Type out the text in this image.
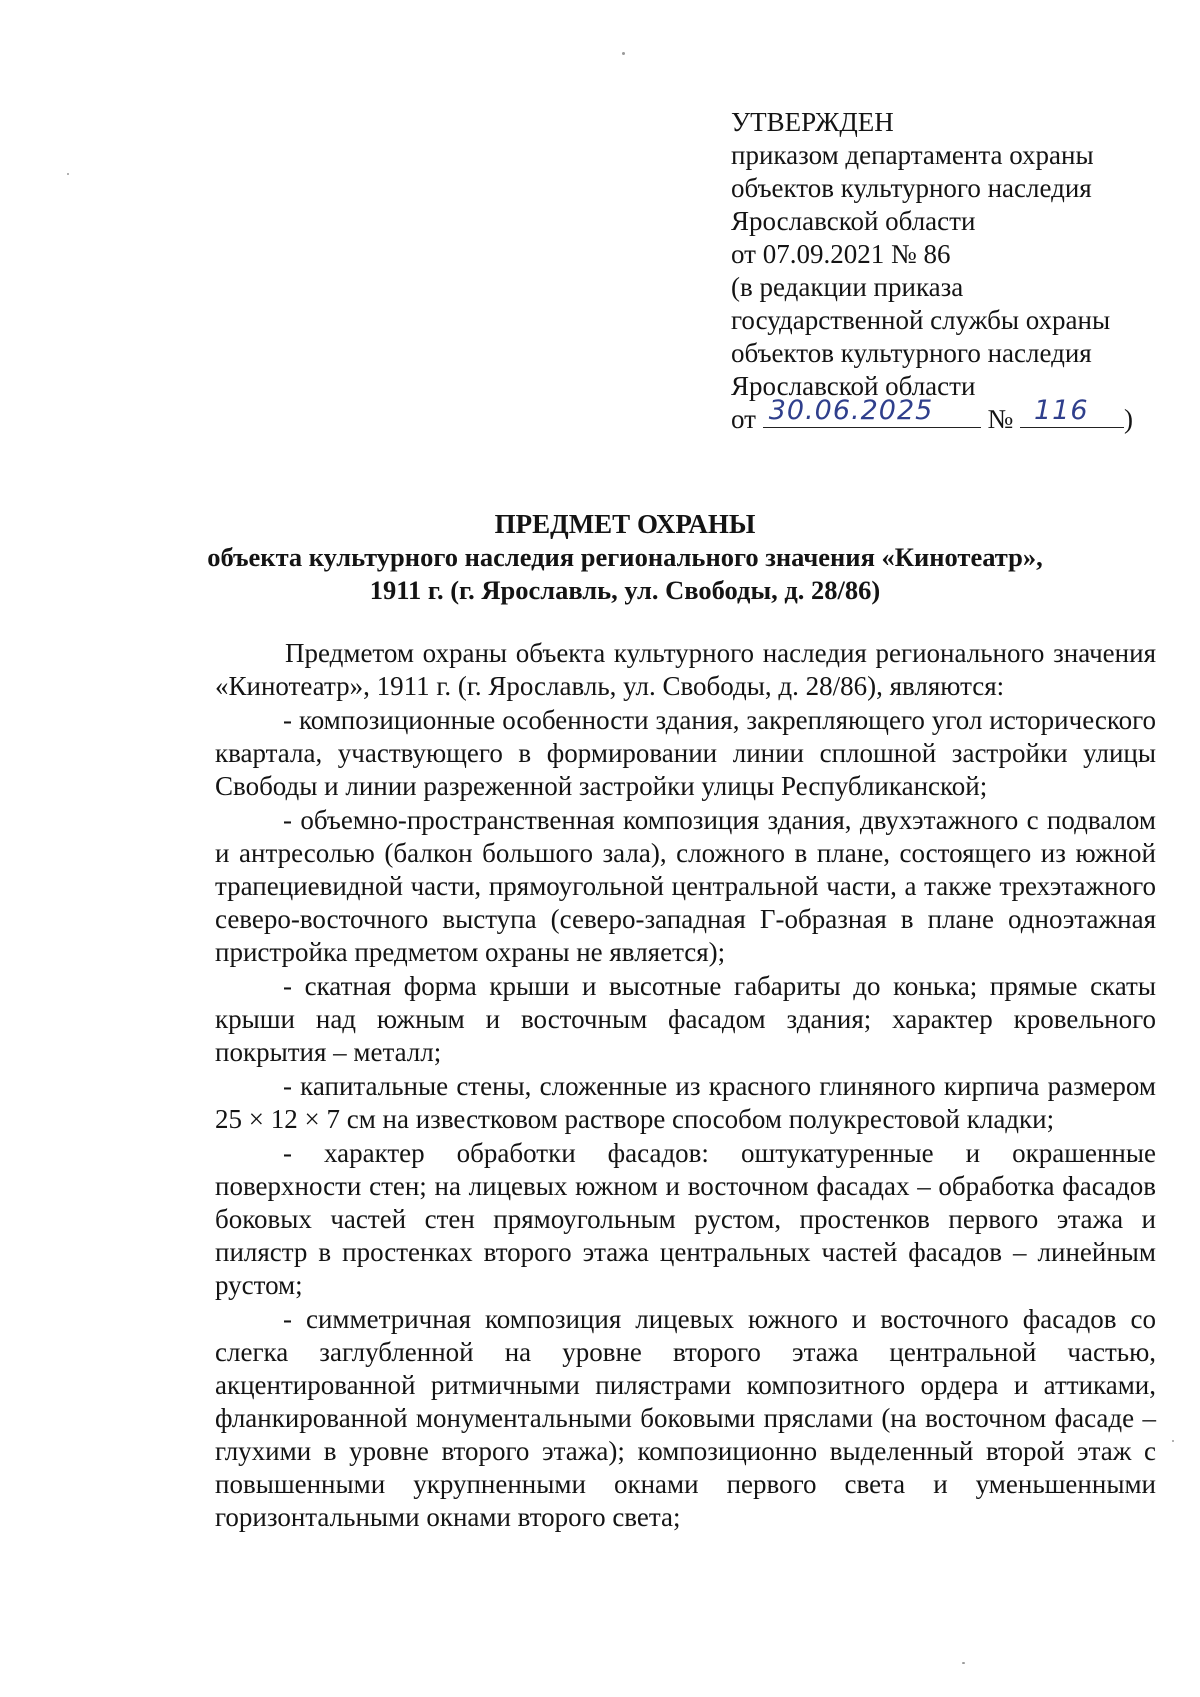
УТВЕРЖДЕН
приказом департамента охраны
объектов культурного наследия
Ярославской области
от 07.09.2021 № 86
(в редакции приказа
государственной службы охраны
объектов культурного наследия
Ярославской области
от 30.06.2025 № 116 )
ПРЕДМЕТ ОХРАНЫ
объекта культурного наследия регионального значения «Кинотеатр»,
1911 г. (г. Ярославль, ул. Свободы, д. 28/86)

Предметом охраны объекта культурного наследия регионального значения «Кинотеатр», 1911 г. (г. Ярославль, ул. Свободы, д. 28/86), являются:

- композиционные особенности здания, закрепляющего угол исторического квартала, участвующего в формировании линии сплошной застройки улицы Свободы и линии разреженной застройки улицы Республиканской;

- объемно-пространственная композиция здания, двухэтажного с подвалом и антресолью (балкон большого зала), сложного в плане, состоящего из южной трапециевидной части, прямоугольной центральной части, а также трехэтажного северо-восточного выступа (северо-западная Г-образная в плане одноэтажная пристройка предметом охраны не является);

- скатная форма крыши и высотные габариты до конька; прямые скаты крыши над южным и восточным фасадом здания; характер кровельного покрытия – металл;

- капитальные стены, сложенные из красного глиняного кирпича размером 25 × 12 × 7 см на известковом растворе способом полукрестовой кладки;

- характер обработки фасадов: оштукатуренные и окрашенные поверхности стен; на лицевых южном и восточном фасадах – обработка фасадов боковых частей стен прямоугольным рустом, простенков первого этажа и пилястр в простенках второго этажа центральных частей фасадов – линейным рустом;

- симметричная композиция лицевых южного и восточного фасадов со слегка заглубленной на уровне второго этажа центральной частью, акцентированной ритмичными пилястрами композитного ордера и аттиками, фланкированной монументальными боковыми пряслами (на восточном фасаде – глухими в уровне второго этажа); композиционно выделенный второй этаж с повышенными укрупненными окнами первого света и уменьшенными горизонтальными окнами второго света;
